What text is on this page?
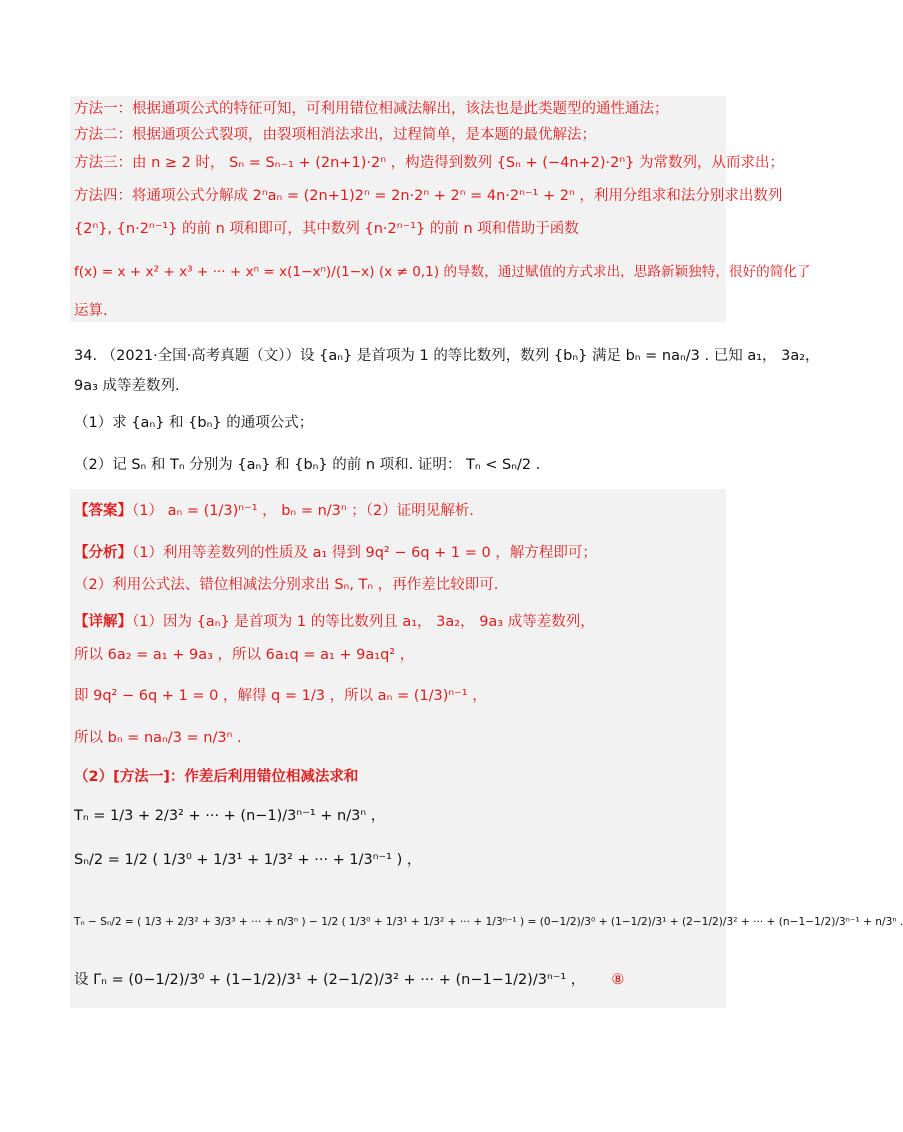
方法一：根据通项公式的特征可知，可利用错位相减法解出，该法也是此类题型的通性通法；
方法二：根据通项公式裂项，由裂项相消法求出，过程简单，是本题的最优解法；
方法三：由 n ≥ 2 时， Sₙ = Sₙ₋₁ + (2n+1)·2ⁿ ，构造得到数列 {Sₙ + (−4n+2)·2ⁿ} 为常数列，从而求出；
方法四：将通项公式分解成 2ⁿaₙ = (2n+1)2ⁿ = 2n·2ⁿ + 2ⁿ = 4n·2ⁿ⁻¹ + 2ⁿ ，利用分组求和法分别求出数列
{2ⁿ}, {n·2ⁿ⁻¹} 的前 n 项和即可，其中数列 {n·2ⁿ⁻¹} 的前 n 项和借助于函数
f(x) = x + x² + x³ + ··· + xⁿ = x(1−xⁿ)/(1−x) (x ≠ 0,1) 的导数，通过赋值的方式求出，思路新颖独特，很好的简化了
运算.
34. （2021·全国·高考真题（文））设 {aₙ} 是首项为 1 的等比数列，数列 {bₙ} 满足 bₙ = naₙ/3 . 已知 a₁， 3a₂，
9a₃ 成等差数列.
（1）求 {aₙ} 和 {bₙ} 的通项公式；
（2）记 Sₙ 和 Tₙ 分别为 {aₙ} 和 {bₙ} 的前 n 项和. 证明： Tₙ < Sₙ/2 .
【答案】（1） aₙ = (1/3)ⁿ⁻¹ ， bₙ = n/3ⁿ ；（2）证明见解析.
【分析】（1）利用等差数列的性质及 a₁ 得到 9q² − 6q + 1 = 0 ，解方程即可；
（2）利用公式法、错位相减法分别求出 Sₙ, Tₙ ，再作差比较即可.
【详解】（1）因为 {aₙ} 是首项为 1 的等比数列且 a₁， 3a₂， 9a₃ 成等差数列，
所以 6a₂ = a₁ + 9a₃ ，所以 6a₁q = a₁ + 9a₁q² ，
即 9q² − 6q + 1 = 0 ，解得 q = 1/3 ，所以 aₙ = (1/3)ⁿ⁻¹ ，
所以 bₙ = naₙ/3 = n/3ⁿ .
（2）[方法一]：作差后利用错位相减法求和
Tₙ = 1/3 + 2/3² + ··· + (n−1)/3ⁿ⁻¹ + n/3ⁿ ，
Sₙ/2 = 1/2 ( 1/3⁰ + 1/3¹ + 1/3² + ··· + 1/3ⁿ⁻¹ ) ，
Tₙ − Sₙ/2 = ( 1/3 + 2/3² + 3/3³ + ··· + n/3ⁿ ) − 1/2 ( 1/3⁰ + 1/3¹ + 1/3² + ··· + 1/3ⁿ⁻¹ ) = (0−1/2)/3⁰ + (1−1/2)/3¹ + (2−1/2)/3² + ··· + (n−1−1/2)/3ⁿ⁻¹ + n/3ⁿ .
设 Γₙ = (0−1/2)/3⁰ + (1−1/2)/3¹ + (2−1/2)/3² + ··· + (n−1−1/2)/3ⁿ⁻¹ ， ⑧
